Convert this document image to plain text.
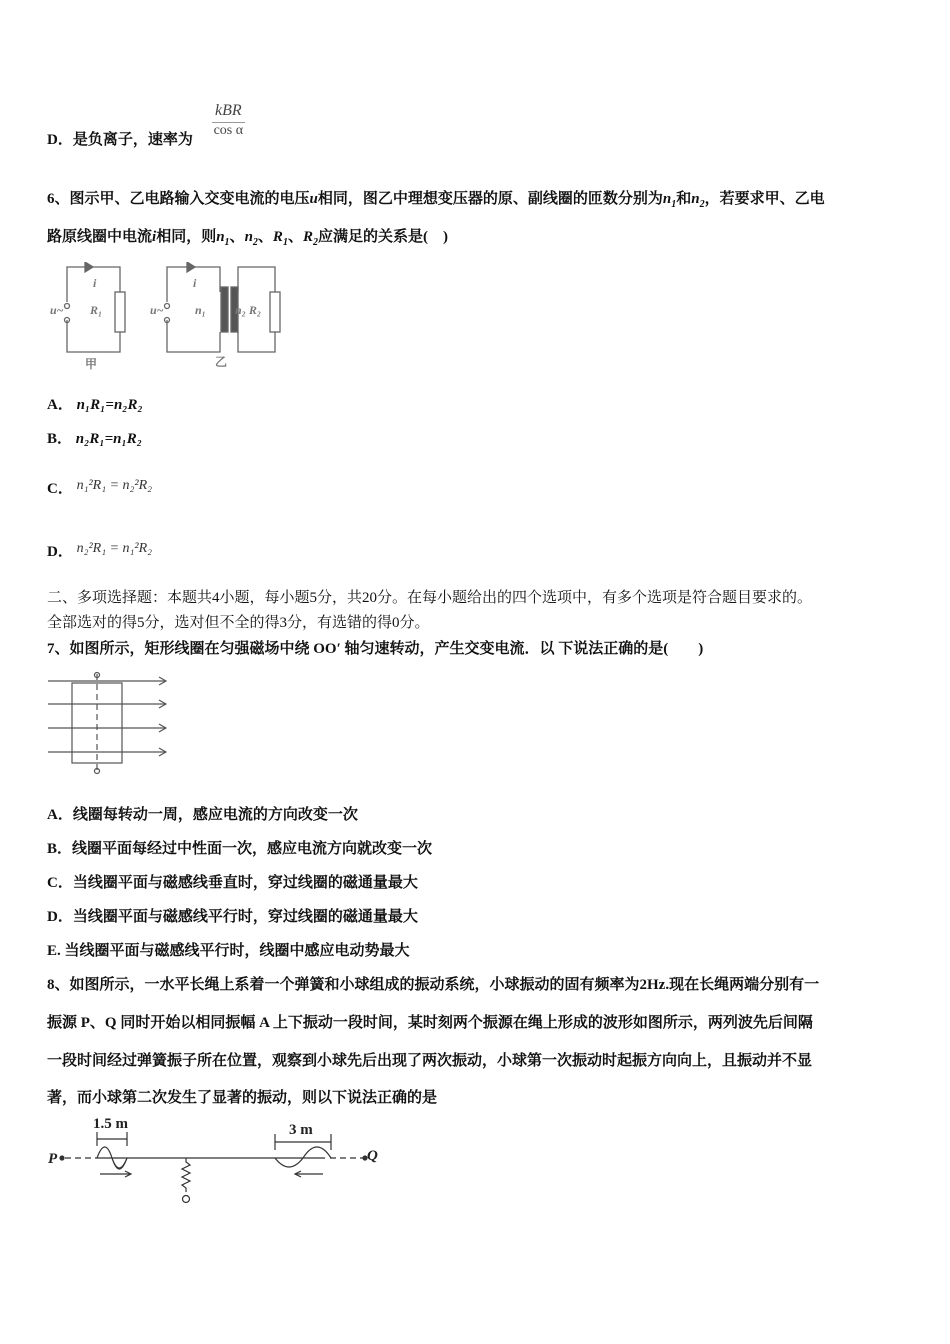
D．是负离子，速率为
kBR
cos α
6、图示甲、乙电路输入交变电流的电压u相同，图乙中理想变压器的原、副线圈的匝数分别为$n_1$和$n_2$，若要求甲、乙电
路原线圈中电流i相同，则$n_1$、$n_2$、$R_1$、$R_2$应满足的关系是(　)
u~
i
R₁	u~
i
n₁ n₂ R₂
甲	乙
A． n₁R₁=n₂R₂
B． n₂R₁=n₁R₂
C． n₁²R₁ = n₂²R₂
D． n₂²R₁ = n₁²R₂
二、多项选择题：本题共4小题，每小题5分，共20分。在每小题给出的四个选项中，有多个选项是符合题目要求的。
全部选对的得5分，选对但不全的得3分，有选错的得0分。
7、如图所示，矩形线圈在匀强磁场中绕 OO′ 轴匀速转动，产生交变电流．以 下说法正确的是(　　)
A．线圈每转动一周，感应电流的方向改变一次
B．线圈平面每经过中性面一次，感应电流方向就改变一次
C．当线圈平面与磁感线垂直时，穿过线圈的磁通量最大
D．当线圈平面与磁感线平行时，穿过线圈的磁通量最大
E. 当线圈平面与磁感线平行时，线圈中感应电动势最大
8、如图所示，一水平长绳上系着一个弹簧和小球组成的振动系统，小球振动的固有频率为2Hz.现在长绳两端分别有一
振源 P、Q 同时开始以相同振幅 A 上下振动一段时间，某时刻两个振源在绳上形成的波形如图所示，两列波先后间隔
一段时间经过弹簧振子所在位置，观察到小球先后出现了两次振动，小球第一次振动时起振方向向上，且振动并不显
著，而小球第二次发生了显著的振动，则以下说法正确的是
P	Q
1.5 m	3 m
